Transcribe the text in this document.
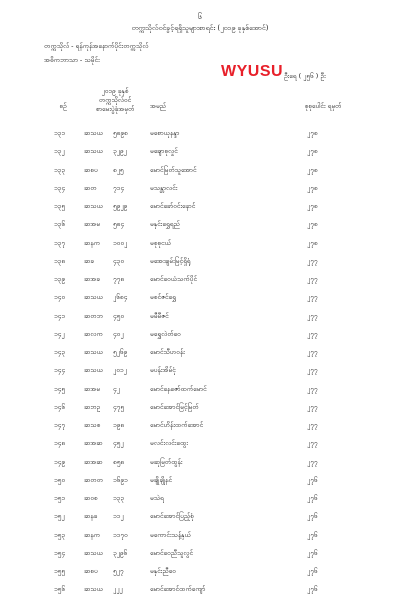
၆
တက္ကသိုလ်ဝင်ခွင့်ရရှိသူများစာရင်း (၂၀၁၉ ခုနှစ်အောင်)
တက္ကသိုလ် - ရန်ကုန်အနောက်ပိုင်းတက္ကသိုလ်
အဓိကဘာသာ - သမိုင်း
WYUSU ဦးရေ ( ၂၅၆ ) ဦး
စဉ်
၂၀၁၉ ခုနှစ်
တက္ကသိုလ်ဝင်
စာမေးပွဲခုံအမှတ်	အမည်	စုစုပေါင်း ရမှတ်
၁၃၁	ဆသယ ၅၈၉၈	မစောယုနန္ဒာ	၂၇၈
၁၃၂	ဆသယ ၃၂၉၂	မချောစုလှုင်	၂၇၈
၁၃၃	ဆစပ ၈၂၅	မောင်မြတ်သူအောင်	၂၇၈
၁၃၄	ဆတ	၇၁၄	မသန္တာလင်း	၂၇၈
၁၃၅	ဆသယ ၅၉၂၉	မောင်ခော်ဝင်းနောင်	၂၇၈
၁၃၆	ဆအမ ၅၈၄	မနှင်းရွှေရည်	၂၇၈
၁၃၇	ဆနက ၁၀၀၂	မစုစုငယ်	၂၇၈
၁၃၈	ဆခ	၄၃၀	မအေးချမ်းမြင့်ရှိရုံ	၂၇၇
၁၃၉	ဆအခ ၇၇၈	မောင်ဝေယံသက်ပိုင်	၂၇၇
၁၄၀	ဆသယ ၂၆၈၄	မစင်ဇင်ရွှေ	၂၇၇
၁၄၁	ဆတဘ ၄၅၀	မမီမီဇင်	၂၇၇
၁၄၂	ဆလက ၄၀၂	မရွှေလဲတ်ဝေ	၂၇၇
၁၄၃	ဆသယ ၅၂၆၉	မောင်သီဟဝန်း	၂၇၇
၁၄၄	ဆသယ ၂၀၁၂	မပန်းအိမ်ငုံ	၂၇၇
၁၄၅	ဆအမ ၄၂	မောင်နေဇော်ထက်မောင်	၂၇၇
၁၄၆	ဆဘဥ ၄၇၅	မောင်အောင်မြင့်မြတ်	၂၇၇
၁၄၇	ဆသစ ၁၉၈	မောင်ဟိန်းထက်အောင်	၂၇၇
၁၄၈	ဆအဆ ၄၅၂	မလင်းလင်းထွေး	၂၇၇
၁၄၉	ဆအဆ ၈၅၈	မဆုမြတ်ထွန်း	၂၇၇
၁၅၀	ဆတတ ၁၆၉၁	မချိုချိုနင်	၂၇၆
၁၅၁	ဆဝစ ၁၃၃	မသဲရ	၂၇၆
၁၅၂	ဆနခ ၁၁၂	မောင်အောင်ပြည့်စုံ	၂၇၆
၁၅၃	ဆနက ၁၁၇၀	မကောင်းသန့်နှယ်	၂၇၆
၁၅၄	ဆသယ ၃၂၉၆	မောင်ဝေညီသူလွင်	၂၇၆
၁၅၅	ဆစပ ၅၂၇	မနှင်းညီဝေ	၂၇၆
၁၅၆	ဆသယ ၂၂၂	မောင်အောင်ထက်ကျော်	၂၇၆
